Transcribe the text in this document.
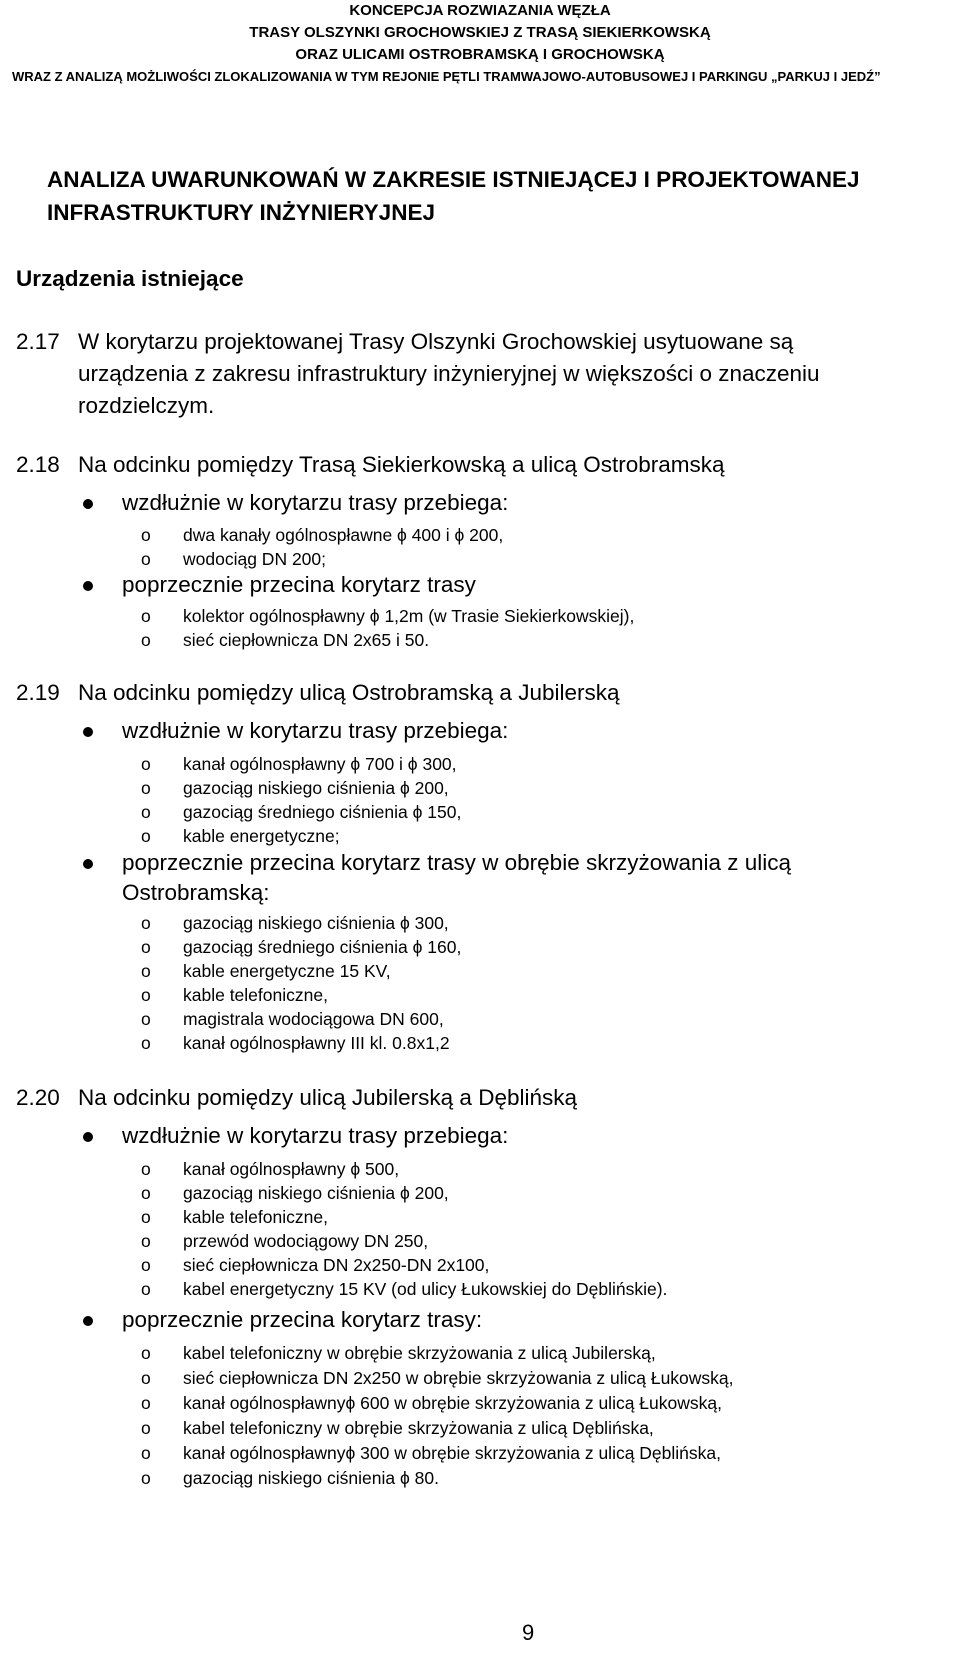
KONCEPCJA ROZWIAZANIA WĘZŁA
TRASY OLSZYNKI GROCHOWSKIEJ Z TRASĄ SIEKIERKOWSKĄ
ORAZ ULICAMI OSTROBRAMSKĄ I GROCHOWSKĄ
WRAZ Z ANALIZĄ MOŻLIWOŚCI ZLOKALIZOWANIA W TYM REJONIE PĘTLI TRAMWAJOWO-AUTOBUSOWEJ I PARKINGU „PARKUJ I JEDŹ”
ANALIZA UWARUNKOWAŃ W ZAKRESIE ISTNIEJĄCEJ I PROJEKTOWANEJ INFRASTRUKTURY INŻYNIERYJNEJ
Urządzenia istniejące
2.17 W korytarzu projektowanej Trasy Olszynki Grochowskiej usytuowane są urządzenia z zakresu infrastruktury inżynieryjnej w większości o znaczeniu rozdzielczym.
2.18 Na odcinku pomiędzy Trasą Siekierkowską a ulicą Ostrobramską
wzdłużnie w korytarzu trasy przebiega:
o dwa kanały ogólnospławne ϕ 400 i ϕ 200,
o wodociąg DN 200;
poprzecznie przecina korytarz trasy
o kolektor ogólnospławny ϕ 1,2m (w Trasie Siekierkowskiej),
o sieć ciepłownicza DN 2x65 i 50.
2.19 Na odcinku pomiędzy ulicą Ostrobramską a Jubilerską
wzdłużnie w korytarzu trasy przebiega:
o kanał ogólnospławny ϕ 700 i ϕ 300,
o gazociąg niskiego ciśnienia ϕ 200,
o gazociąg średniego ciśnienia ϕ 150,
o kable energetyczne;
poprzecznie przecina korytarz trasy w obrębie skrzyżowania z ulicą Ostrobramską:
o gazociąg niskiego ciśnienia ϕ 300,
o gazociąg średniego ciśnienia ϕ 160,
o kable energetyczne 15 KV,
o kable telefoniczne,
o magistrala wodociągowa DN 600,
o kanał ogólnospławny III kl. 0.8x1,2
2.20 Na odcinku pomiędzy ulicą Jubilerską a Dęblińską
wzdłużnie w korytarzu trasy przebiega:
o kanał ogólnospławny ϕ 500,
o gazociąg niskiego ciśnienia ϕ 200,
o kable telefoniczne,
o przewód wodociągowy DN 250,
o sieć ciepłownicza DN 2x250-DN 2x100,
o kabel energetyczny 15 KV (od ulicy Łukowskiej do Dęblińskie).
poprzecznie przecina korytarz trasy:
o kabel telefoniczny w obrębie skrzyżowania z ulicą Jubilerską,
o sieć ciepłownicza DN 2x250 w obrębie skrzyżowania z ulicą Łukowską,
o kanał ogólnospławnyϕ 600 w obrębie skrzyżowania z ulicą Łukowską,
o kabel telefoniczny w obrębie skrzyżowania z ulicą Dęblińska,
o kanał ogólnospławnyϕ 300 w obrębie skrzyżowania z ulicą Dęblińska,
o gazociąg niskiego ciśnienia ϕ 80.
9
